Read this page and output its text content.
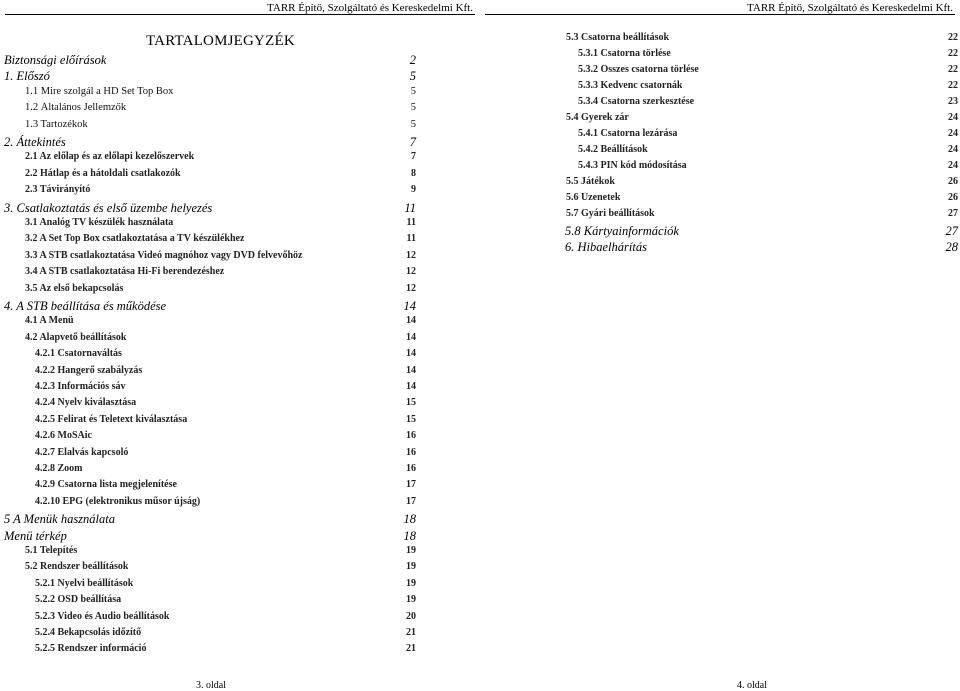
TARR Építő, Szolgáltató és Kereskedelmi Kft.
TARTALOMJEGYZÉK
Biztonsági előírások	2
1. Előszó	5
1.1 Mire szolgál a HD Set Top Box	5
1.2 Általános Jellemzők	5
1.3 Tartozékok	5
2. Áttekintés	7
2.1 Az előlap és az előlapi kezelőszervek	7
2.2 Hátlap és a hátoldali csatlakozók	8
2.3 Távirányító	9
3. Csatlakoztatás és első üzembe helyezés	11
3.1 Analóg TV készülék használata	11
3.2 A Set Top Box csatlakoztatása a TV készülékhez	11
3.3 A STB csatlakoztatása Videó magnóhoz vagy DVD felvevőhöz	12
3.4 A STB csatlakoztatása Hi-Fi berendezéshez	12
3.5 Az első bekapcsolás	12
4. A STB beállítása és működése	14
4.1 A Menü	14
4.2 Alapvető beállítások	14
4.2.1 Csatornaváltás	14
4.2.2 Hangerő szabályzás	14
4.2.3 Információs sáv	14
4.2.4 Nyelv kiválasztása	15
4.2.5 Felirat és Teletext kiválasztása	15
4.2.6 MoSAic	16
4.2.7 Elalvás kapcsoló	16
4.2.8 Zoom	16
4.2.9 Csatorna lista megjelenítése	17
4.2.10 EPG (elektronikus műsor újság)	17
5 A Menük használata	18
Menü térkép	18
5.1 Telepítés	19
5.2 Rendszer beállítások	19
5.2.1 Nyelvi beállítások	19
5.2.2 OSD beállítása	19
5.2.3 Video és Audio beállítások	20
5.2.4 Bekapcsolás időzítő	21
5.2.5 Rendszer információ	21
3. oldal
TARR Építő, Szolgáltató és Kereskedelmi Kft.
5.3 Csatorna beállítások	22
5.3.1 Csatorna törlése	22
5.3.2 Összes csatorna törlése	22
5.3.3 Kedvenc csatornák	22
5.3.4 Csatorna szerkesztése	23
5.4 Gyerek zár	24
5.4.1 Csatorna lezárása	24
5.4.2 Beállítások	24
5.4.3 PIN kód módosítása	24
5.5 Játékok	26
5.6 Üzenetek	26
5.7 Gyári beállítások	27
5.8 Kártyainformációk	27
6. Hibaelhárítás	28
4. oldal
